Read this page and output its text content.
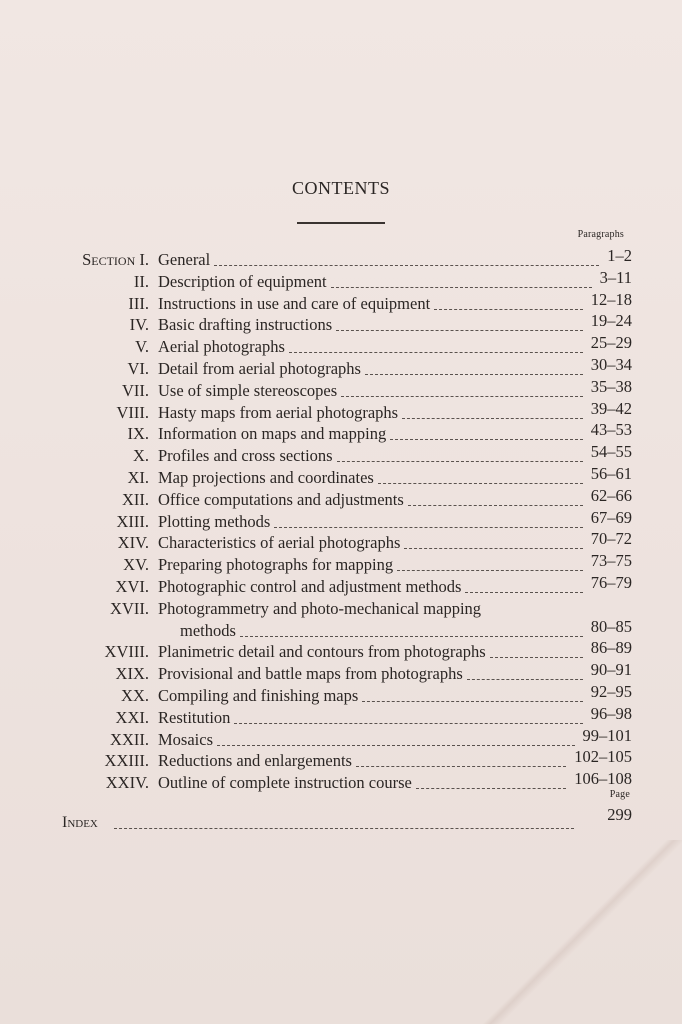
CONTENTS
Paragraphs
Section I. General	1–2
II. Description of equipment	3–11
III. Instructions in use and care of equipment	12–18
IV. Basic drafting instructions	19–24
V. Aerial photographs	25–29
VI. Detail from aerial photographs	30–34
VII. Use of simple stereoscopes	35–38
VIII. Hasty maps from aerial photographs	39–42
IX. Information on maps and mapping	43–53
X. Profiles and cross sections	54–55
XI. Map projections and coordinates	56–61
XII. Office computations and adjustments	62–66
XIII. Plotting methods	67–69
XIV. Characteristics of aerial photographs	70–72
XV. Preparing photographs for mapping	73–75
XVI. Photographic control and adjustment methods	76–79
XVII. Photogrammetry and photo-mechanical mapping
methods	80–85
XVIII. Planimetric detail and contours from photographs	86–89
XIX. Provisional and battle maps from photographs	90–91
XX. Compiling and finishing maps	92–95
XXI. Restitution	96–98
XXII. Mosaics	99–101
XXIII. Reductions and enlargements	102–105
XXIV. Outline of complete instruction course	106–108
Page
Index	299
